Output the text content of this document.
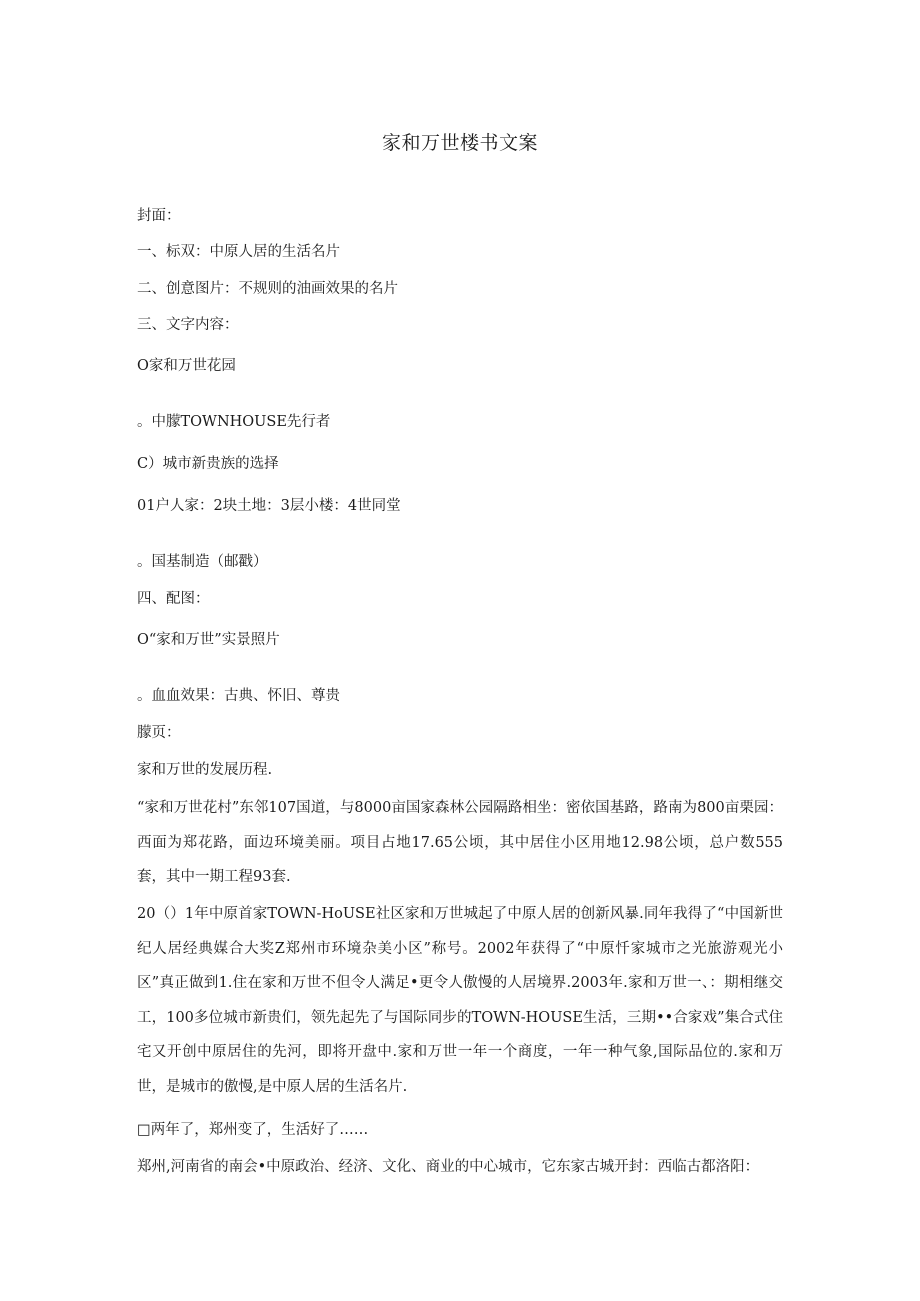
家和万世楼书文案
封面：
一、标双：中原人居的生活名片
二、创意图片：不规则的油画效果的名片
三、文字内容：
O家和万世花园
。中朦TOWNHOUSE先行者
C）城市新贵族的选择
01户人家：2块土地：3层小楼：4世同堂
。国基制造（邮戳）
四、配图：
O“家和万世”实景照片
。血血效果：古典、怀旧、尊贵
朦页：
家和万世的发展历程.
“家和万世花村”东邻107国道，与8000亩国家森林公园隔路相坐：密依国基路，路南为800亩栗园：西面为郑花路，面边环境美丽。项目占地17.65公顷，其中居住小区用地12.98公顷，总户数555套，其中一期工程93套.
20（）1年中原首家TOWN-HoUSE社区家和万世城起了中原人居的创新风暴.同年我得了“中国新世纪人居经典媒合大奖Z郑州市环境杂美小区”称号。2002年获得了“中原忏家城市之光旅游观光小区”真正做到1.住在家和万世不但令人满足•更令人傲慢的人居境界.2003年.家和万世一、：期相继交工，100多位城市新贵们，领先起先了与国际同步的TOWN-HOUSE生活，三期••合家戏”集合式住宅又开创中原居住的先河，即将开盘中.家和万世一年一个商度，一年一种气象,国际品位的.家和万世，是城市的傲慢,是中原人居的生活名片.
□两年了，郑州变了，生活好了……
郑州,河南省的南会•中原政治、经济、文化、商业的中心城市，它东家古城开封：西临古都洛阳：
